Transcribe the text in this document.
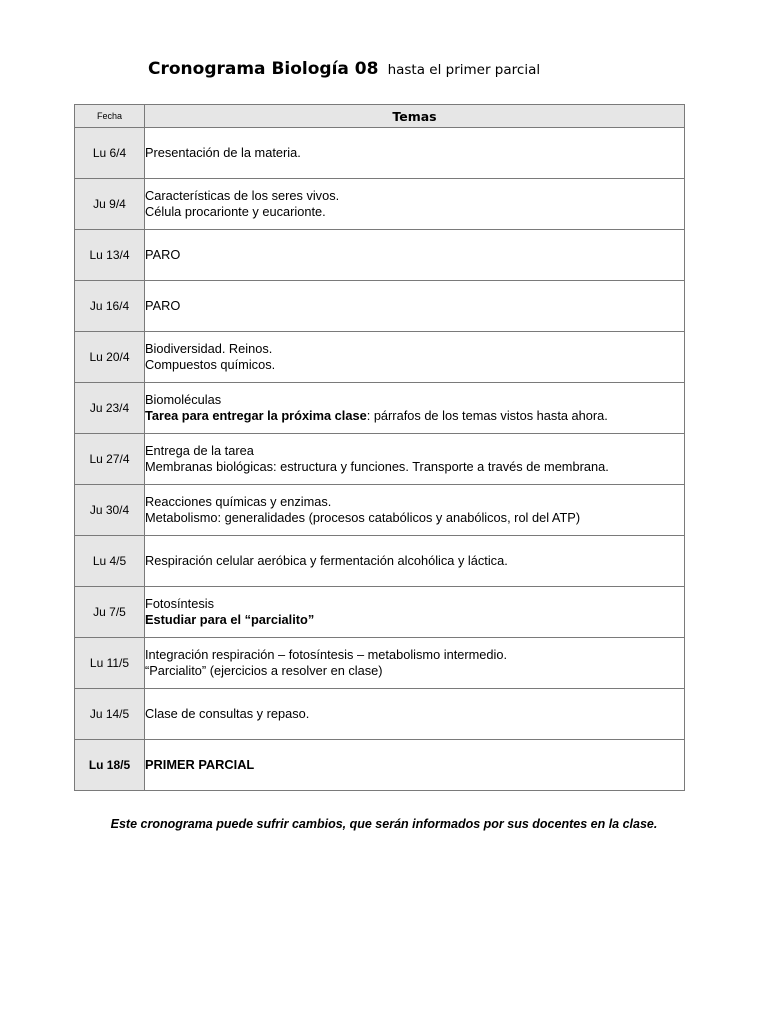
Cronograma Biología 08 hasta el primer parcial
Fecha	Temas
Lu 6/4	Presentación de la materia.

Ju 9/4	Características de los seres vivos.
Célula procarionte y eucarionte.

Lu 13/4	PARO

Ju 16/4	PARO

Lu 20/4	Biodiversidad. Reinos.
Compuestos químicos.

Ju 23/4	Biomoléculas
Tarea para entregar la próxima clase: párrafos de los temas vistos hasta ahora.

Lu 27/4	Entrega de la tarea
Membranas biológicas: estructura y funciones. Transporte a través de membrana.

Ju 30/4	Reacciones químicas y enzimas.
Metabolismo: generalidades (procesos catabólicos y anabólicos, rol del ATP)

Lu 4/5	Respiración celular aeróbica y fermentación alcohólica y láctica.

Ju 7/5	Fotosíntesis
Estudiar para el “parcialito”

Lu 11/5	Integración respiración – fotosíntesis – metabolismo intermedio.
“Parcialito” (ejercicios a resolver en clase)

Ju 14/5	Clase de consultas y repaso.

Lu 18/5	PRIMER PARCIAL
Este cronograma puede sufrir cambios, que serán informados por sus docentes en la clase.
